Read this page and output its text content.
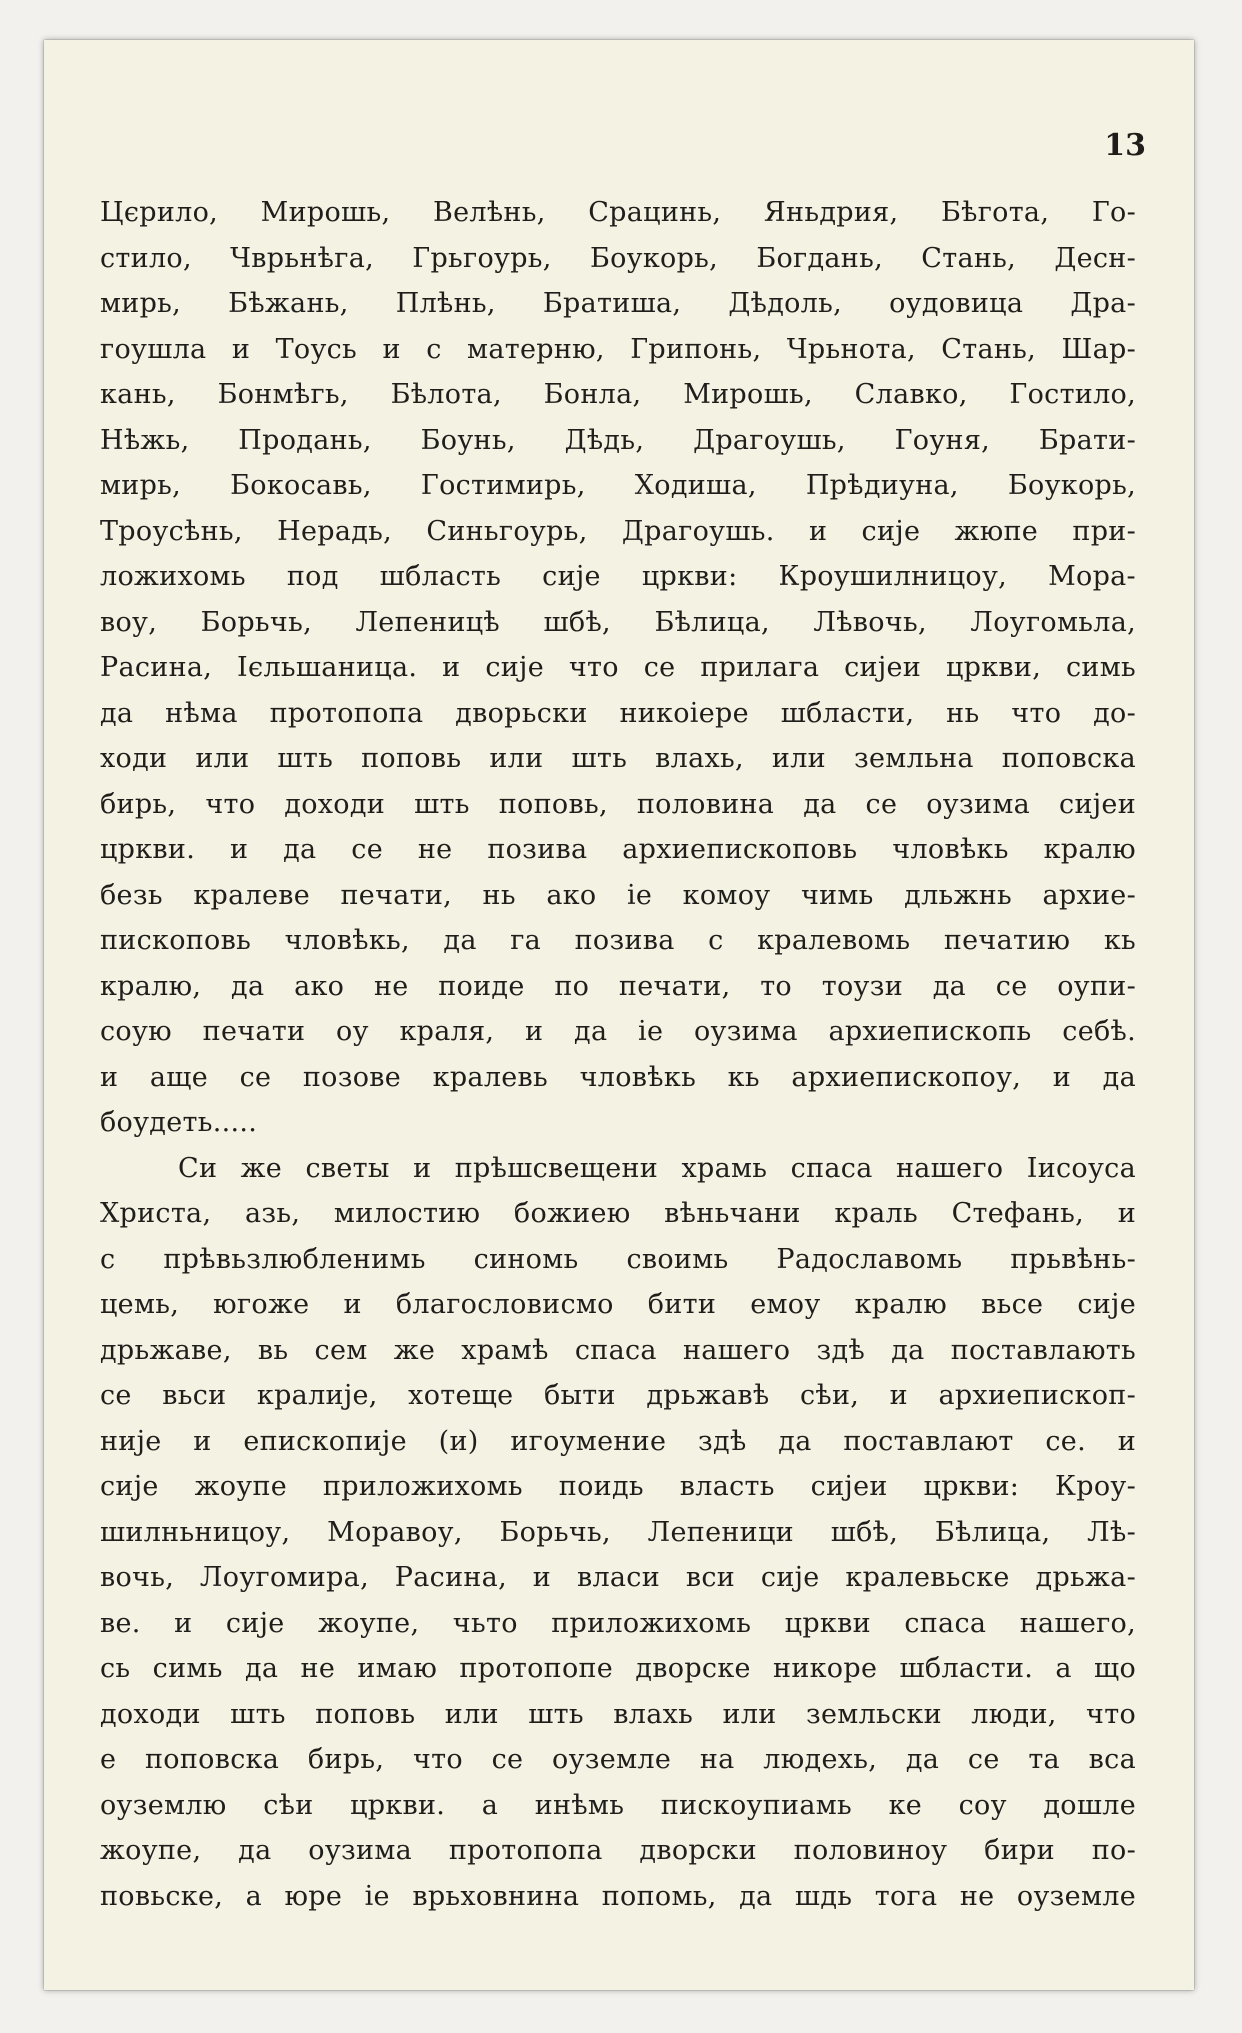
13
Цєрило, Мирошь, Велѣнь, Срацинь, Яньдрия, Бѣгота, Го-
стило, Чврьнѣга, Грьгоурь, Боукорь, Богдань, Стань, Десн-
мирь, Бѣжань, Плѣнь, Братиша, Дѣдоль, оудовица Дра-
гоушла и Тоусь и с матерню, Грипонь, Чрьнота, Стань, Шар-
кань, Бонмѣгь, Бѣлота, Бонла, Мирошь, Славко, Гостило,
Нѣжь, Продань, Боунь, Дѣдь, Драгоушь, Гоуня, Брати-
мирь, Бокосавь, Гостимирь, Ходиша, Прѣдиуна, Боукорь,
Троусѣнь, Нерадь, Синьгоурь, Драгоушь. и сије жюпе при-
ложихомь под шбласть сије цркви: Кроушилницоу, Мора-
воу, Борьчь, Лепеницѣ шбѣ, Бѣлица, Лѣвочь, Лоугомьла,
Расина, Ієльшаница. и сије что се прилага сијеи цркви, симь
да нѣма протопопа дворьски никоіере шбласти, нь что до-
ходи или шть поповь или шть влахь, или земльна поповска
бирь, что доходи шть поповь, половина да се оузима сијеи
цркви. и да се не позива архиепископовь чловѣкь кралю
безь кралеве печати, нь ако іе комоу чимь дльжнь архие-
пископовь чловѣкь, да га позива с кралевомь печатию кь
кралю, да ако не поиде по печати, то тоузи да се оупи-
соую печати оу краля, и да іе оузима архиепископь себѣ.
и аще се позове кралевь чловѣкь кь архиепископоу, и да
боудеть.....
Си же светы и прѣшсвещени храмь спаса нашего Іисоуса
Христа, азь, милостию божиею вѣньчани краль Стефань, и
с прѣвьзлюбленимь синомь своимь Радославомь прьвѣнь-
цемь, югоже и благословисмо бити емоу кралю вьсе сије
дрьжаве, вь сем же храмѣ спаса нашего здѣ да поставлають
се вьси кралије, хотеще быти дрьжавѣ сѣи, и архиепископ-
није и епископије (и) игоумение здѣ да поставлают се. и
сије жоупе приложихомь поидь власть сијеи цркви: Кроу-
шилньницоу, Моравоу, Борьчь, Лепеници шбѣ, Бѣлица, Лѣ-
вочь, Лоугомира, Расина, и власи вси сије кралевьске дрьжа-
ве. и сије жоупе, чьто приложихомь цркви спаса нашего,
сь симь да не имаю протопопе дворске никоре шбласти. а що
доходи шть поповь или шть влахь или земльски люди, что
е поповска бирь, что се оуземле на людехь, да се та вса
оуземлю сѣи цркви. а инѣмь пискоупиамь ке соу дошле
жоупе, да оузима протопопа дворски половиноу бири по-
повьске, а юре іе врьховнина попомь, да шдь тога не оуземле
